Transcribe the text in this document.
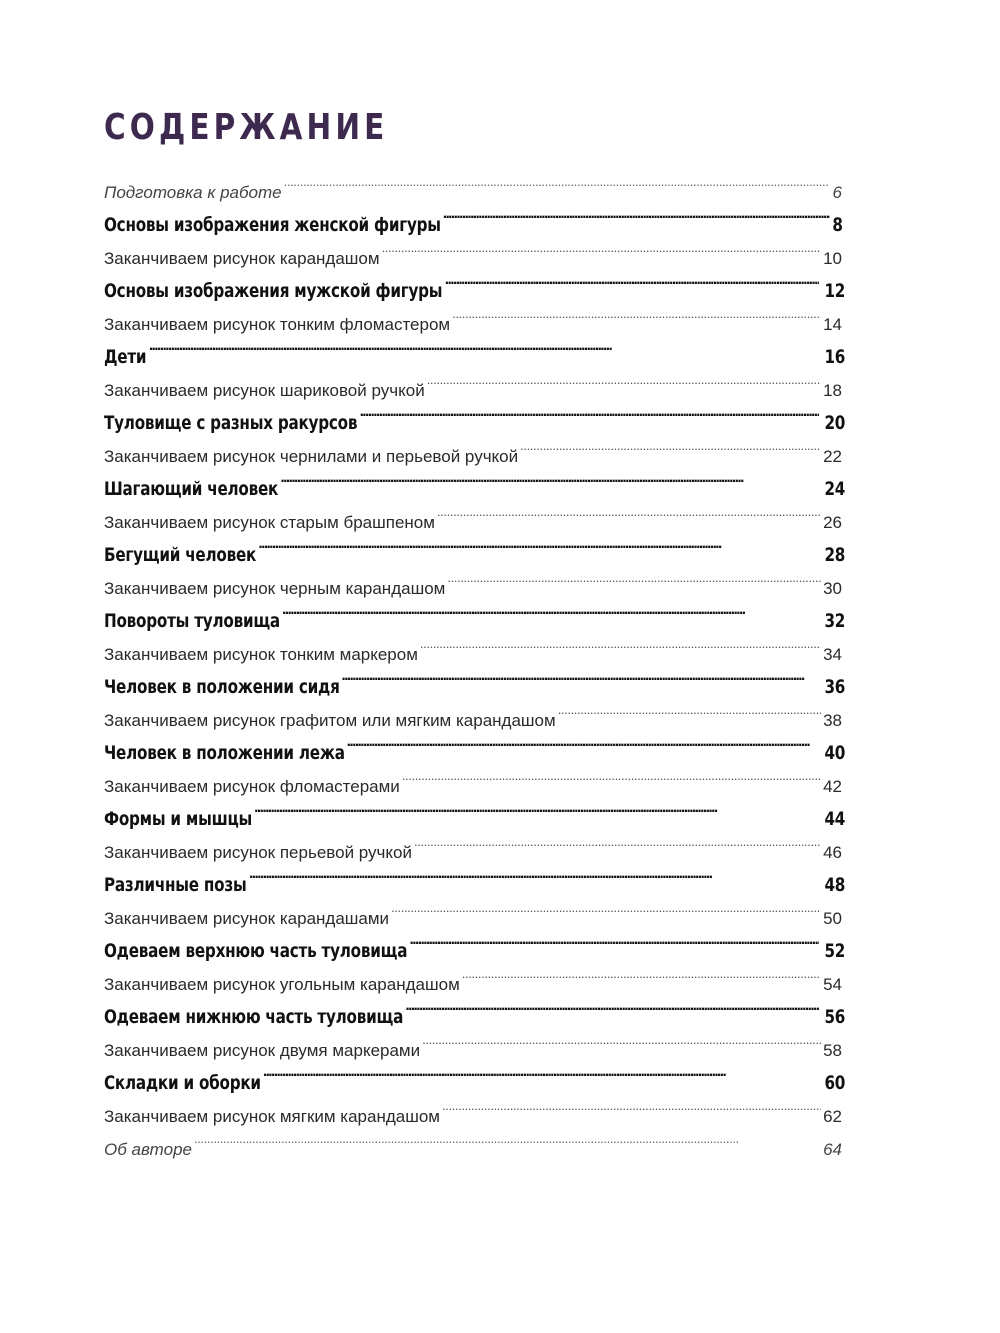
СОДЕРЖАНИЕ
Подготовка к работе . . .	6
Основы изображения женской фигуры . . .	8
Заканчиваем рисунок карандашом . . .	10
Основы изображения мужской фигуры . . .	12
Заканчиваем рисунок тонким фломастером . . .	14
Дети . . .	16
Заканчиваем рисунок шариковой ручкой . . .	18
Туловище с разных ракурсов . . .	20
Заканчиваем рисунок чернилами и перьевой ручкой . . .	22
Шагающий человек . . .	24
Заканчиваем рисунок старым брашпеном . . .	26
Бегущий человек . . .	28
Заканчиваем рисунок черным карандашом . . .	30
Повороты туловища . . .	32
Заканчиваем рисунок тонким маркером . . .	34
Человек в положении сидя . . .	36
Заканчиваем рисунок графитом или мягким карандашом . . .	38
Человек в положении лежа . . .	40
Заканчиваем рисунок фломастерами . . .	42
Формы и мышцы . . .	44
Заканчиваем рисунок перьевой ручкой . . .	46
Различные позы . . .	48
Заканчиваем рисунок карандашами . . .	50
Одеваем верхнюю часть туловища . . .	52
Заканчиваем рисунок угольным карандашом . . .	54
Одеваем нижнюю часть туловища . . .	56
Заканчиваем рисунок двумя маркерами . . .	58
Складки и оборки . . .	60
Заканчиваем рисунок мягким карандашом . . .	62
Об авторе . . .	64
